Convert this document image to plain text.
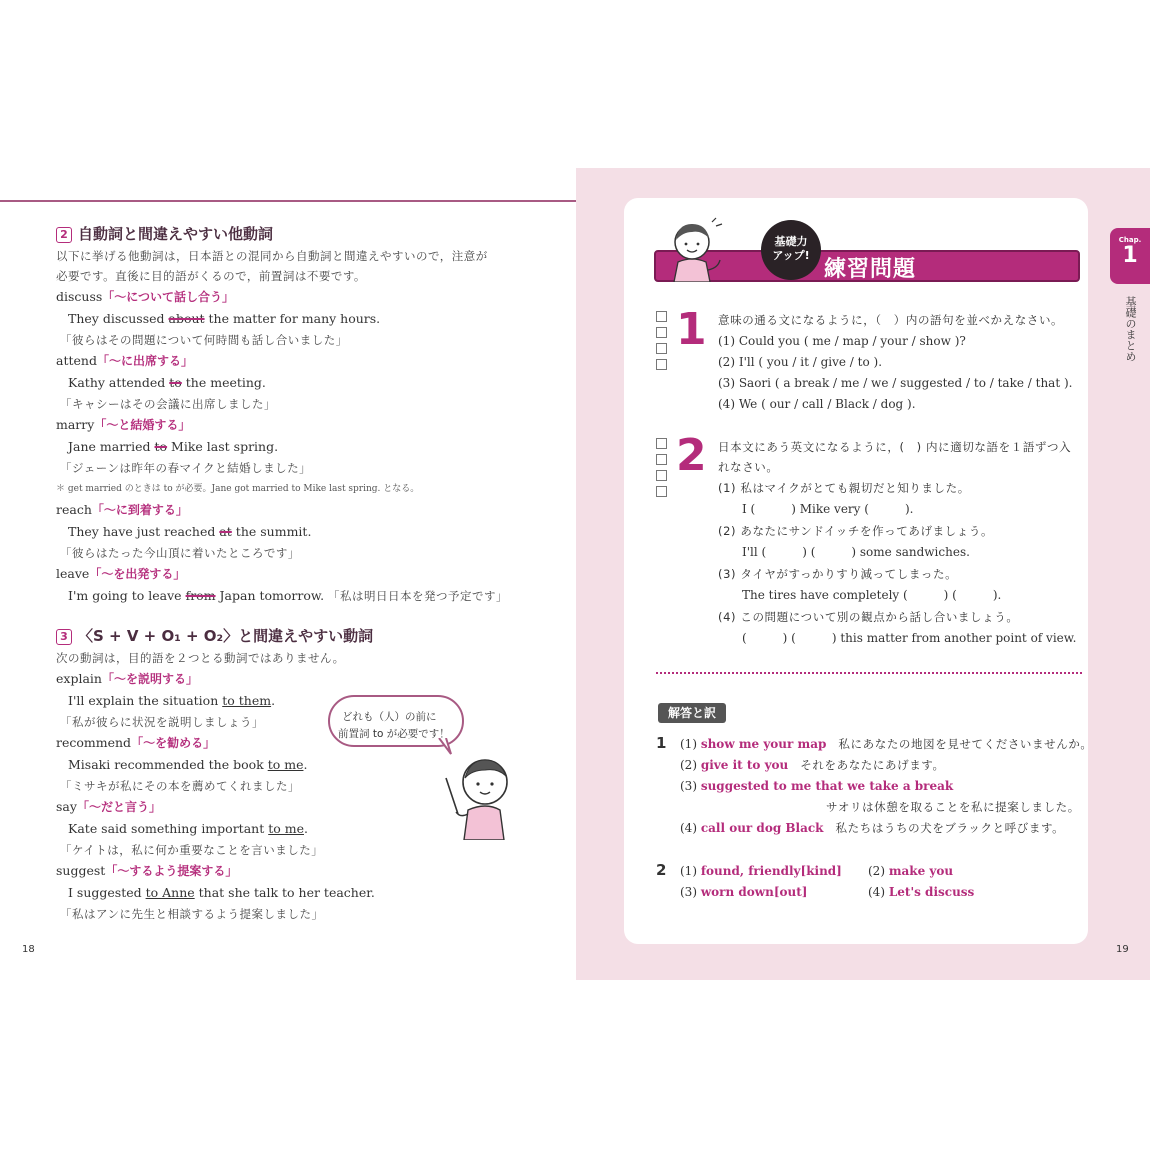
2 自動詞と間違えやすい他動詞
以下に挙げる他動詞は，日本語との混同から自動詞と間違えやすいので，注意が
必要です。直後に目的語がくるので，前置詞は不要です。
discuss「～について話し合う」
They discussed about the matter for many hours.
「彼らはその問題について何時間も話し合いました」
attend「～に出席する」
Kathy attended to the meeting.
「キャシーはその会議に出席しました」
marry「～と結婚する」
Jane married to Mike last spring.
「ジェーンは昨年の春マイクと結婚しました」
＊ get married のときは to が必要。Jane got married to Mike last spring. となる。
reach「～に到着する」
They have just reached at the summit.
「彼らはたった今山頂に着いたところです」
leave「～を出発する」
I'm going to leave from Japan tomorrow. 「私は明日日本を発つ予定です」
3 〈S + V + O₁ + O₂〉と間違えやすい動詞
次の動詞は，目的語を２つとる動詞ではありません。
explain「～を説明する」
I'll explain the situation to them.
「私が彼らに状況を説明しましょう」
recommend「～を勧める」
Misaki recommended the book to me.
「ミサキが私にその本を薦めてくれました」
say「～だと言う」
Kate said something important to me.
「ケイトは，私に何か重要なことを言いました」
suggest「～するよう提案する」
I suggested to Anne that she talk to her teacher.
「私はアンに先生と相談するよう提案しました」
18
どれも（人）の前に
前置詞 to が必要です！
Chap.
1
基礎のまとめ
基礎力
アップ!
練習問題
1 意味の通る文になるように，（　）内の語句を並べかえなさい。
(1) Could you ( me / map / your / show )?
(2) I'll ( you / it / give / to ).
(3) Saori ( a break / me / we / suggested / to / take / that ).
(4) We ( our / call / Black / dog ).
2 日本文にあう英文になるように，(　) 内に適切な語を１語ずつ入
れなさい。
(1) 私はマイクがとても親切だと知りました。
I (　　　) Mike very (　　　).
(2) あなたにサンドイッチを作ってあげましょう。
I'll (　　　) (　　　) some sandwiches.
(3) タイヤがすっかりすり減ってしまった。
The tires have completely (　　　) (　　　).
(4) この問題について別の観点から話し合いましょう。
(　　　) (　　　) this matter from another point of view.
解答と訳
1 (1) show me your map　 私にあなたの地図を見せてくださいませんか。
(2) give it to you　 それをあなたにあげます。
(3) suggested to me that we take a break
サオリは休憩を取ることを私に提案しました。
(4) call our dog Black　 私たちはうちの犬をブラックと呼びます。
2 (1) found, friendly[kind] (2) make you
(3) worn down[out]	(4) Let's discuss
19
